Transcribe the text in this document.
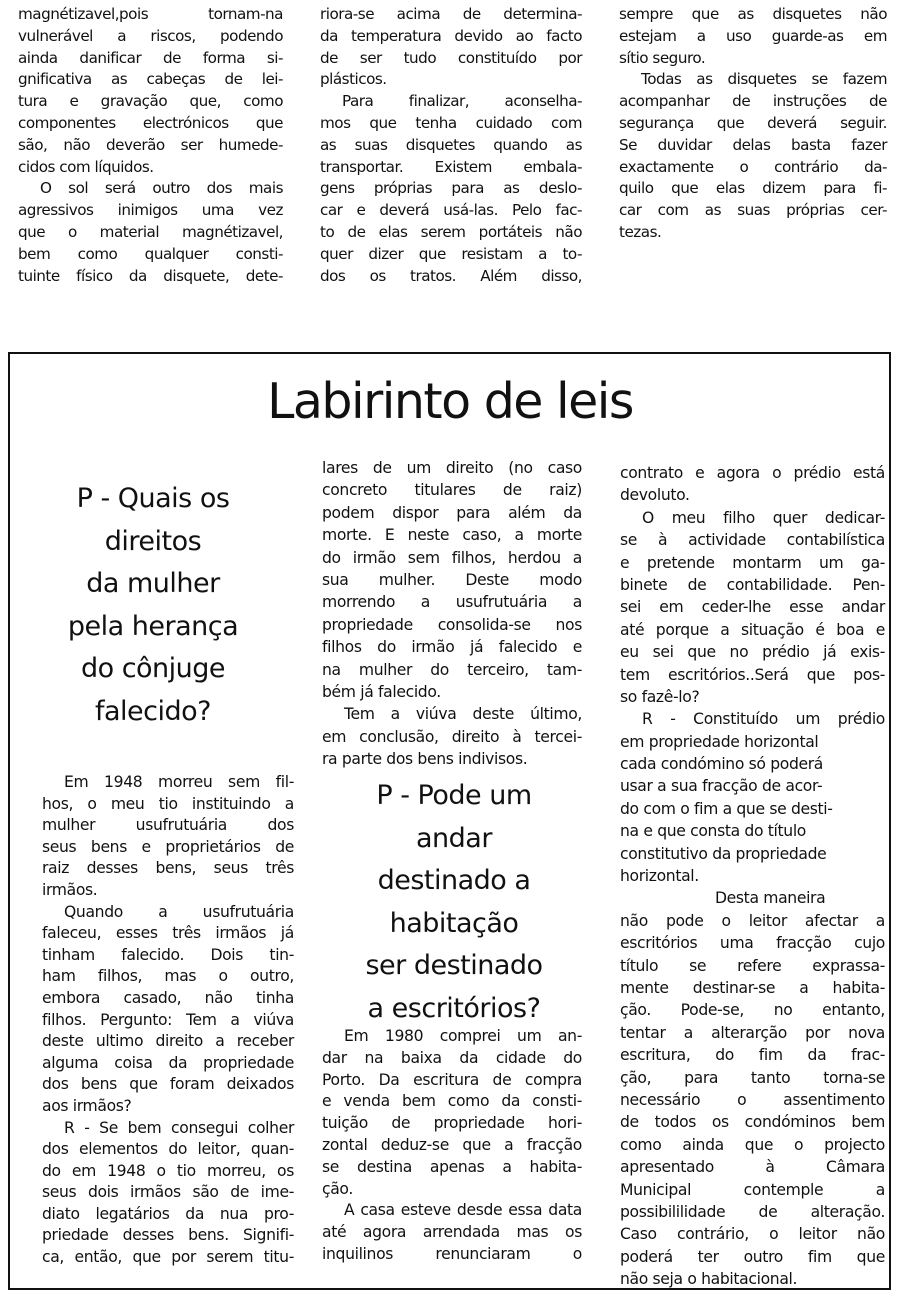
magnétizavel,pois tornam-na
vulnerável a riscos, podendo
ainda danificar de forma si-
gnificativa as cabeças de lei-
tura e gravação que, como
componentes electrónicos que
são, não deverão ser humede-
cidos com líquidos.
O sol será outro dos mais
agressivos inimigos uma vez
que o material magnétizavel,
bem como qualquer consti-
tuinte físico da disquete, dete-
riora-se acima de determina-
da temperatura devido ao facto
de ser tudo constituído por
plásticos.
Para finalizar, aconselha-
mos que tenha cuidado com
as suas disquetes quando as
transportar. Existem embala-
gens próprias para as deslo-
car e deverá usá-las. Pelo fac-
to de elas serem portáteis não
quer dizer que resistam a to-
dos os tratos. Além disso,
sempre que as disquetes não
estejam a uso guarde-as em
sítio seguro.
Todas as disquetes se fazem
acompanhar de instruções de
segurança que deverá seguir.
Se duvidar delas basta fazer
exactamente o contrário da-
quilo que elas dizem para fi-
car com as suas próprias cer-
tezas.
Labirinto de leis
P - Quais os
direitos
da mulher
pela herança
do cônjuge
falecido?
Em 1948 morreu sem fil-
hos, o meu tio instituindo a
mulher usufrutuária dos
seus bens e proprietários de
raiz desses bens, seus três
irmãos.
Quando a usufrutuária
faleceu, esses três irmãos já
tinham falecido. Dois tin-
ham filhos, mas o outro,
embora casado, não tinha
filhos. Pergunto: Tem a viúva
deste ultimo direito a receber
alguma coisa da propriedade
dos bens que foram deixados
aos irmãos?
R - Se bem consegui colher
dos elementos do leitor, quan-
do em 1948 o tio morreu, os
seus dois irmãos são de ime-
diato legatários da nua pro-
priedade desses bens. Signifi-
ca, então, que por serem titu-
lares de um direito (no caso
concreto titulares de raiz)
podem dispor para além da
morte. E neste caso, a morte
do irmão sem filhos, herdou a
sua mulher. Deste modo
morrendo a usufrutuária a
propriedade consolida-se nos
filhos do irmão já falecido e
na mulher do terceiro, tam-
bém já falecido.
Tem a viúva deste último,
em conclusão, direito à tercei-
ra parte dos bens indivisos.
P - Pode um
andar
destinado a
habitação
ser destinado
a escritórios?
Em 1980 comprei um an-
dar na baixa da cidade do
Porto. Da escritura de compra
e venda bem como da consti-
tuição de propriedade hori-
zontal deduz-se que a fracção
se destina apenas a habita-
ção.
A casa esteve desde essa data
até agora arrendada mas os
inquilinos renunciaram o
contrato e agora o prédio está
devoluto.
O meu filho quer dedicar-
se à actividade contabilística
e pretende montarm um ga-
binete de contabilidade. Pen-
sei em ceder-lhe esse andar
até porque a situação é boa e
eu sei que no prédio já exis-
tem escritórios..Será que pos-
so fazê-lo?
R - Constituído um prédio
em propriedade horizontal
cada condómino só poderá
usar a sua fracção de acor-
do com o fim a que se desti-
na e que consta do título
constitutivo da propriedade
horizontal.
Desta maneira
não pode o leitor afectar a
escritórios uma fracção cujo
título se refere exprassa-
mente destinar-se a habita-
ção. Pode-se, no entanto,
tentar a alterarção por nova
escritura, do fim da frac-
ção, para tanto torna-se
necessário o assentimento
de todos os condóminos bem
como ainda que o projecto
apresentado à Câmara
Municipal contemple a
possibililidade de alteração.
Caso contrário, o leitor não
poderá ter outro fim que
não seja o habitacional.
